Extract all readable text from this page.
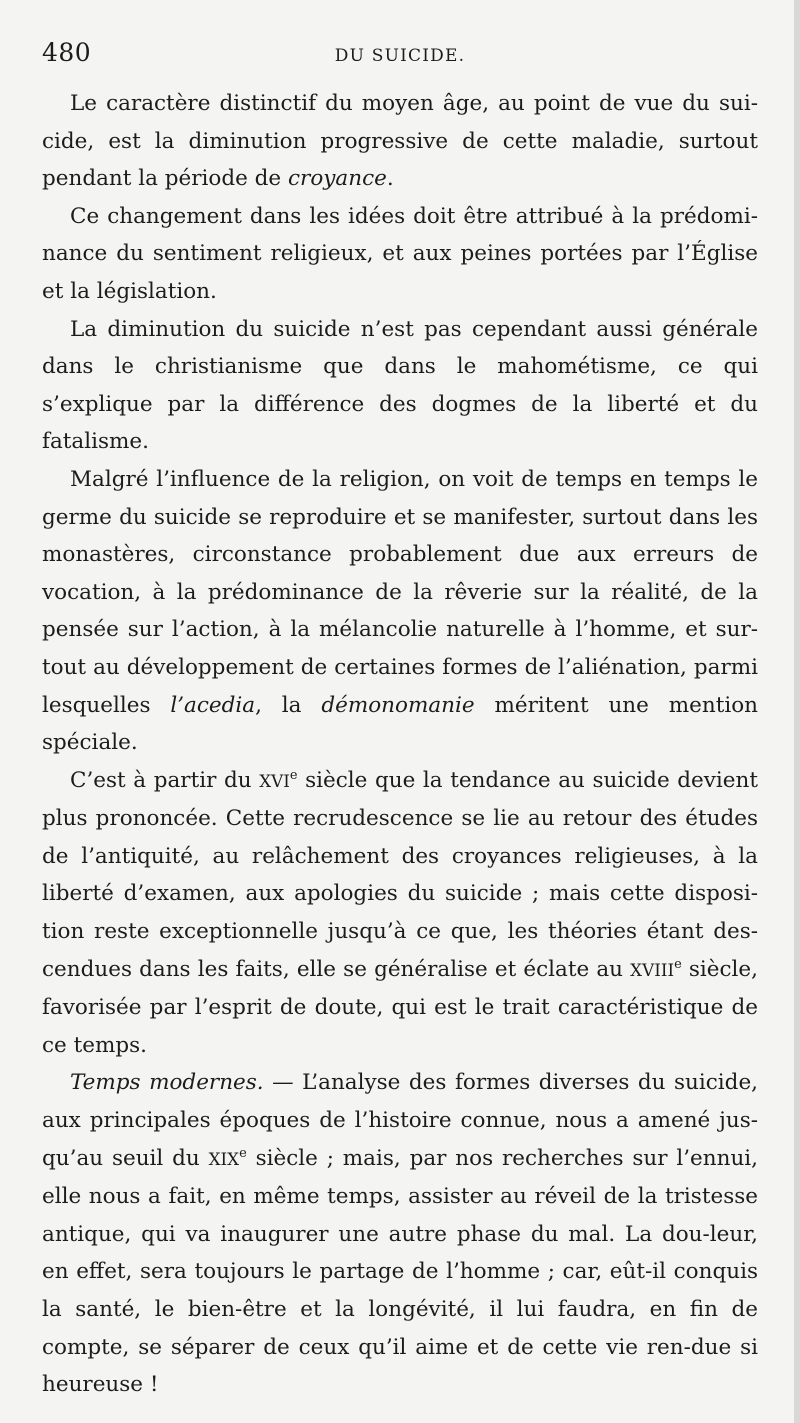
480	DU SUICIDE.

Le caractère distinctif du moyen âge, au point de vue du sui-cide, est la diminution progressive de cette maladie, surtout pendant la période de croyance.

Ce changement dans les idées doit être attribué à la prédomi-nance du sentiment religieux, et aux peines portées par l’Église et la législation.

La diminution du suicide n’est pas cependant aussi générale dans le christianisme que dans le mahométisme, ce qui s’explique par la différence des dogmes de la liberté et du fatalisme.

Malgré l’influence de la religion, on voit de temps en temps le germe du suicide se reproduire et se manifester, surtout dans les monastères, circonstance probablement due aux erreurs de vocation, à la prédominance de la rêverie sur la réalité, de la pensée sur l’action, à la mélancolie naturelle à l’homme, et sur-tout au développement de certaines formes de l’aliénation, parmi lesquelles l’acedia, la démonomanie méritent une mention spéciale.

C’est à partir du XVIe siècle que la tendance au suicide devient plus prononcée. Cette recrudescence se lie au retour des études de l’antiquité, au relâchement des croyances religieuses, à la liberté d’examen, aux apologies du suicide ; mais cette disposi-tion reste exceptionnelle jusqu’à ce que, les théories étant des-cendues dans les faits, elle se généralise et éclate au XVIIIe siècle, favorisée par l’esprit de doute, qui est le trait caractéristique de ce temps.

Temps modernes. — L’analyse des formes diverses du suicide, aux principales époques de l’histoire connue, nous a amené jus-qu’au seuil du XIXe siècle ; mais, par nos recherches sur l’ennui, elle nous a fait, en même temps, assister au réveil de la tristesse antique, qui va inaugurer une autre phase du mal. La dou-leur, en effet, sera toujours le partage de l’homme ; car, eût-il conquis la santé, le bien-être et la longévité, il lui faudra, en fin de compte, se séparer de ceux qu’il aime et de cette vie ren-due si heureuse !
